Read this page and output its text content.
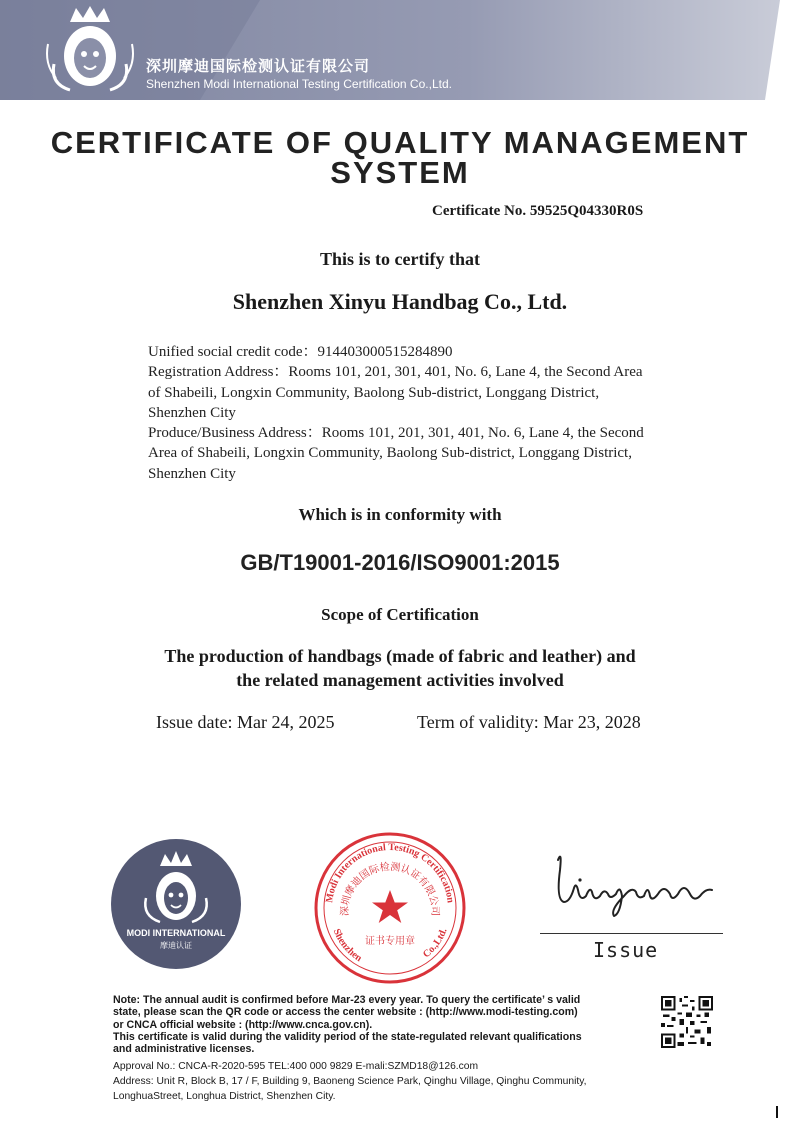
深圳摩迪国际检测认证有限公司
Shenzhen Modi International Testing Certification Co.,Ltd.
CERTIFICATE OF QUALITY MANAGEMENT
SYSTEM
Certificate No. 59525Q04330R0S
This is to certify that
Shenzhen Xinyu Handbag Co., Ltd.
Unified social credit code：914403000515284890
Registration Address：Rooms 101, 201, 301, 401, No. 6, Lane 4, the Second Area
of Shabeili, Longxin Community, Baolong Sub-district, Longgang District,
Shenzhen City
Produce/Business Address：Rooms 101, 201, 301, 401, No. 6, Lane 4, the Second
Area of Shabeili, Longxin Community, Baolong Sub-district, Longgang District,
Shenzhen City
Which is in conformity with
GB/T19001-2016/ISO9001:2015
Scope of Certification
The production of handbags (made of fabric and leather) and
the related management activities involved
Issue date: Mar 24, 2025	Term of validity: Mar 23, 2028
MODI INTERNATIONAL
摩迪认证
Modi International Testing Certification
深圳摩迪国际检测认证有限公司
Shenzhen	Co.,Ltd.
证书专用章	Issue
Note: The annual audit is confirmed before Mar-23 every year. To query the certificate’ s valid
state, please scan the QR code or access the center website : (http://www.modi-testing.com)
or CNCA official website : (http://www.cnca.gov.cn).
This certificate is valid during the validity period of the state-regulated relevant qualifications
and administrative licenses.
Approval No.: CNCA-R-2020-595 TEL:400 000 9829 E-mali:SZMD18@126.com
Address: Unit R, Block B, 17 / F, Building 9, Baoneng Science Park, Qinghu Village, Qinghu Community,
LonghuaStreet, Longhua District, Shenzhen City.
